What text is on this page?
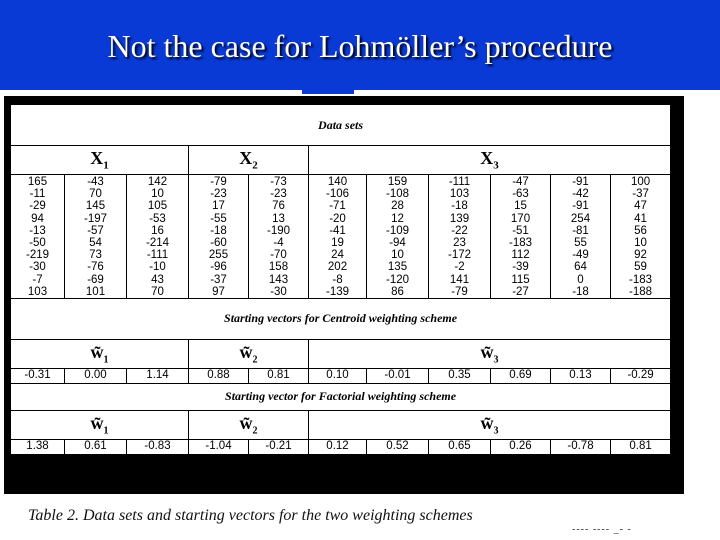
Not the case for Lohmöller’s procedure
Data sets										
$X_1$			$X_2$		$X_3$
165	-43	142	-79	-73	140	159	-111	-47	-91	100
-11	70	10	-23	-23	-106	-108	103	-63	-42	-37
-29	145	105	17	76	-71	28	-18	15	-91	47
94	-197	-53	-55	13	-20	12	139	170	254	41
-13	-57	16	-18	-190	-41	-109	-22	-51	-81	56
-50	54	-214	-60	-4	19	-94	23	-183	55	10
-219	73	-111	255	-70	24	10	-172	112	-49	92
-30	-76	-10	-96	158	202	135	-2	-39	64	59
-7	-69	43	-37	143	-8	-120	141	115	0	-183
103	101	70	97	-30	-139	86	-79	-27	-18	-188
Starting vectors for Centroid weighting scheme										
$w̃_1$			$w̃_2$		$w̃_3$
-0.31	0.00	1.14	0.88	0.81	0.10	-0.01	0.35	0.69	0.13	-0.29
Starting vector for Factorial weighting scheme										
$w̃_1$			$w̃_2$		$w̃_3$
1.38	0.61	-0.83	-1.04	-0.21	0.12	0.52	0.65	0.26	-0.78	0.81
Table 2. Data sets and starting vectors for the two weighting schemes
---- ---- _- -
